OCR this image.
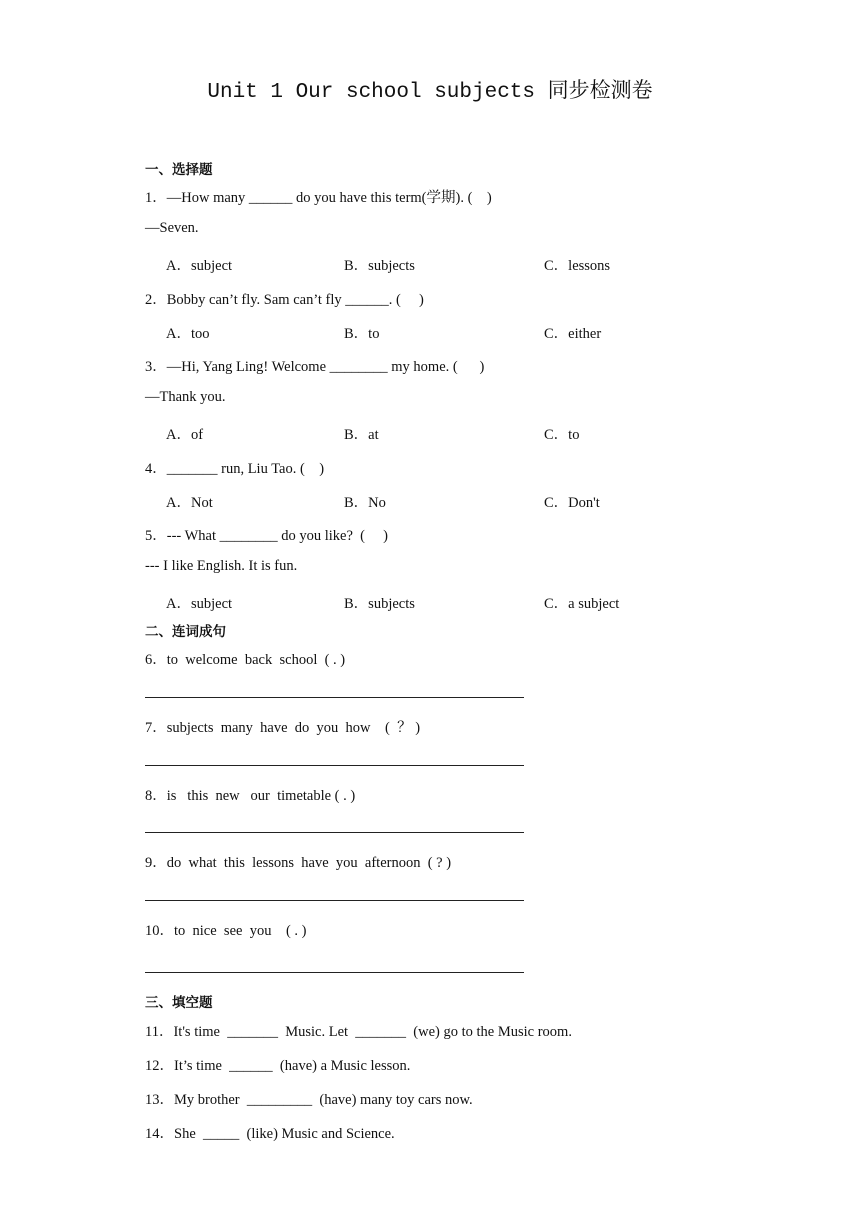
Unit 1 Our school subjects 同步检测卷
一、选择题
1．—How many ______ do you have this term(学期). (    )
—Seven.
A．subject	B．subjects	C．lessons
2．Bobby can’t fly. Sam can’t fly ______. (     )
A．too	B．to	C．either
3．—Hi, Yang Ling! Welcome ________ my home. (      )
—Thank you.
A．of	B．at	C．to
4．_______ run, Liu Tao. (    )
A．Not	B．No	C．Don't
5．--- What ________ do you like?  (     )
--- I like English. It is fun.
A．subject	B．subjects	C．a subject
二、连词成句
6．to  welcome  back  school  ( . )
7．subjects  many  have  do  you  how    (  ？ )
8．is   this  new   our  timetable ( . )
9．do  what  this  lessons  have  you  afternoon  ( ? )
10．to  nice  see  you    ( . )
三、填空题
11．It's time  _______  Music. Let  _______  (we) go to the Music room.
12．It’s time  ______  (have) a Music lesson.
13．My brother  _________  (have) many toy cars now.
14．She  _____  (like) Music and Science.
